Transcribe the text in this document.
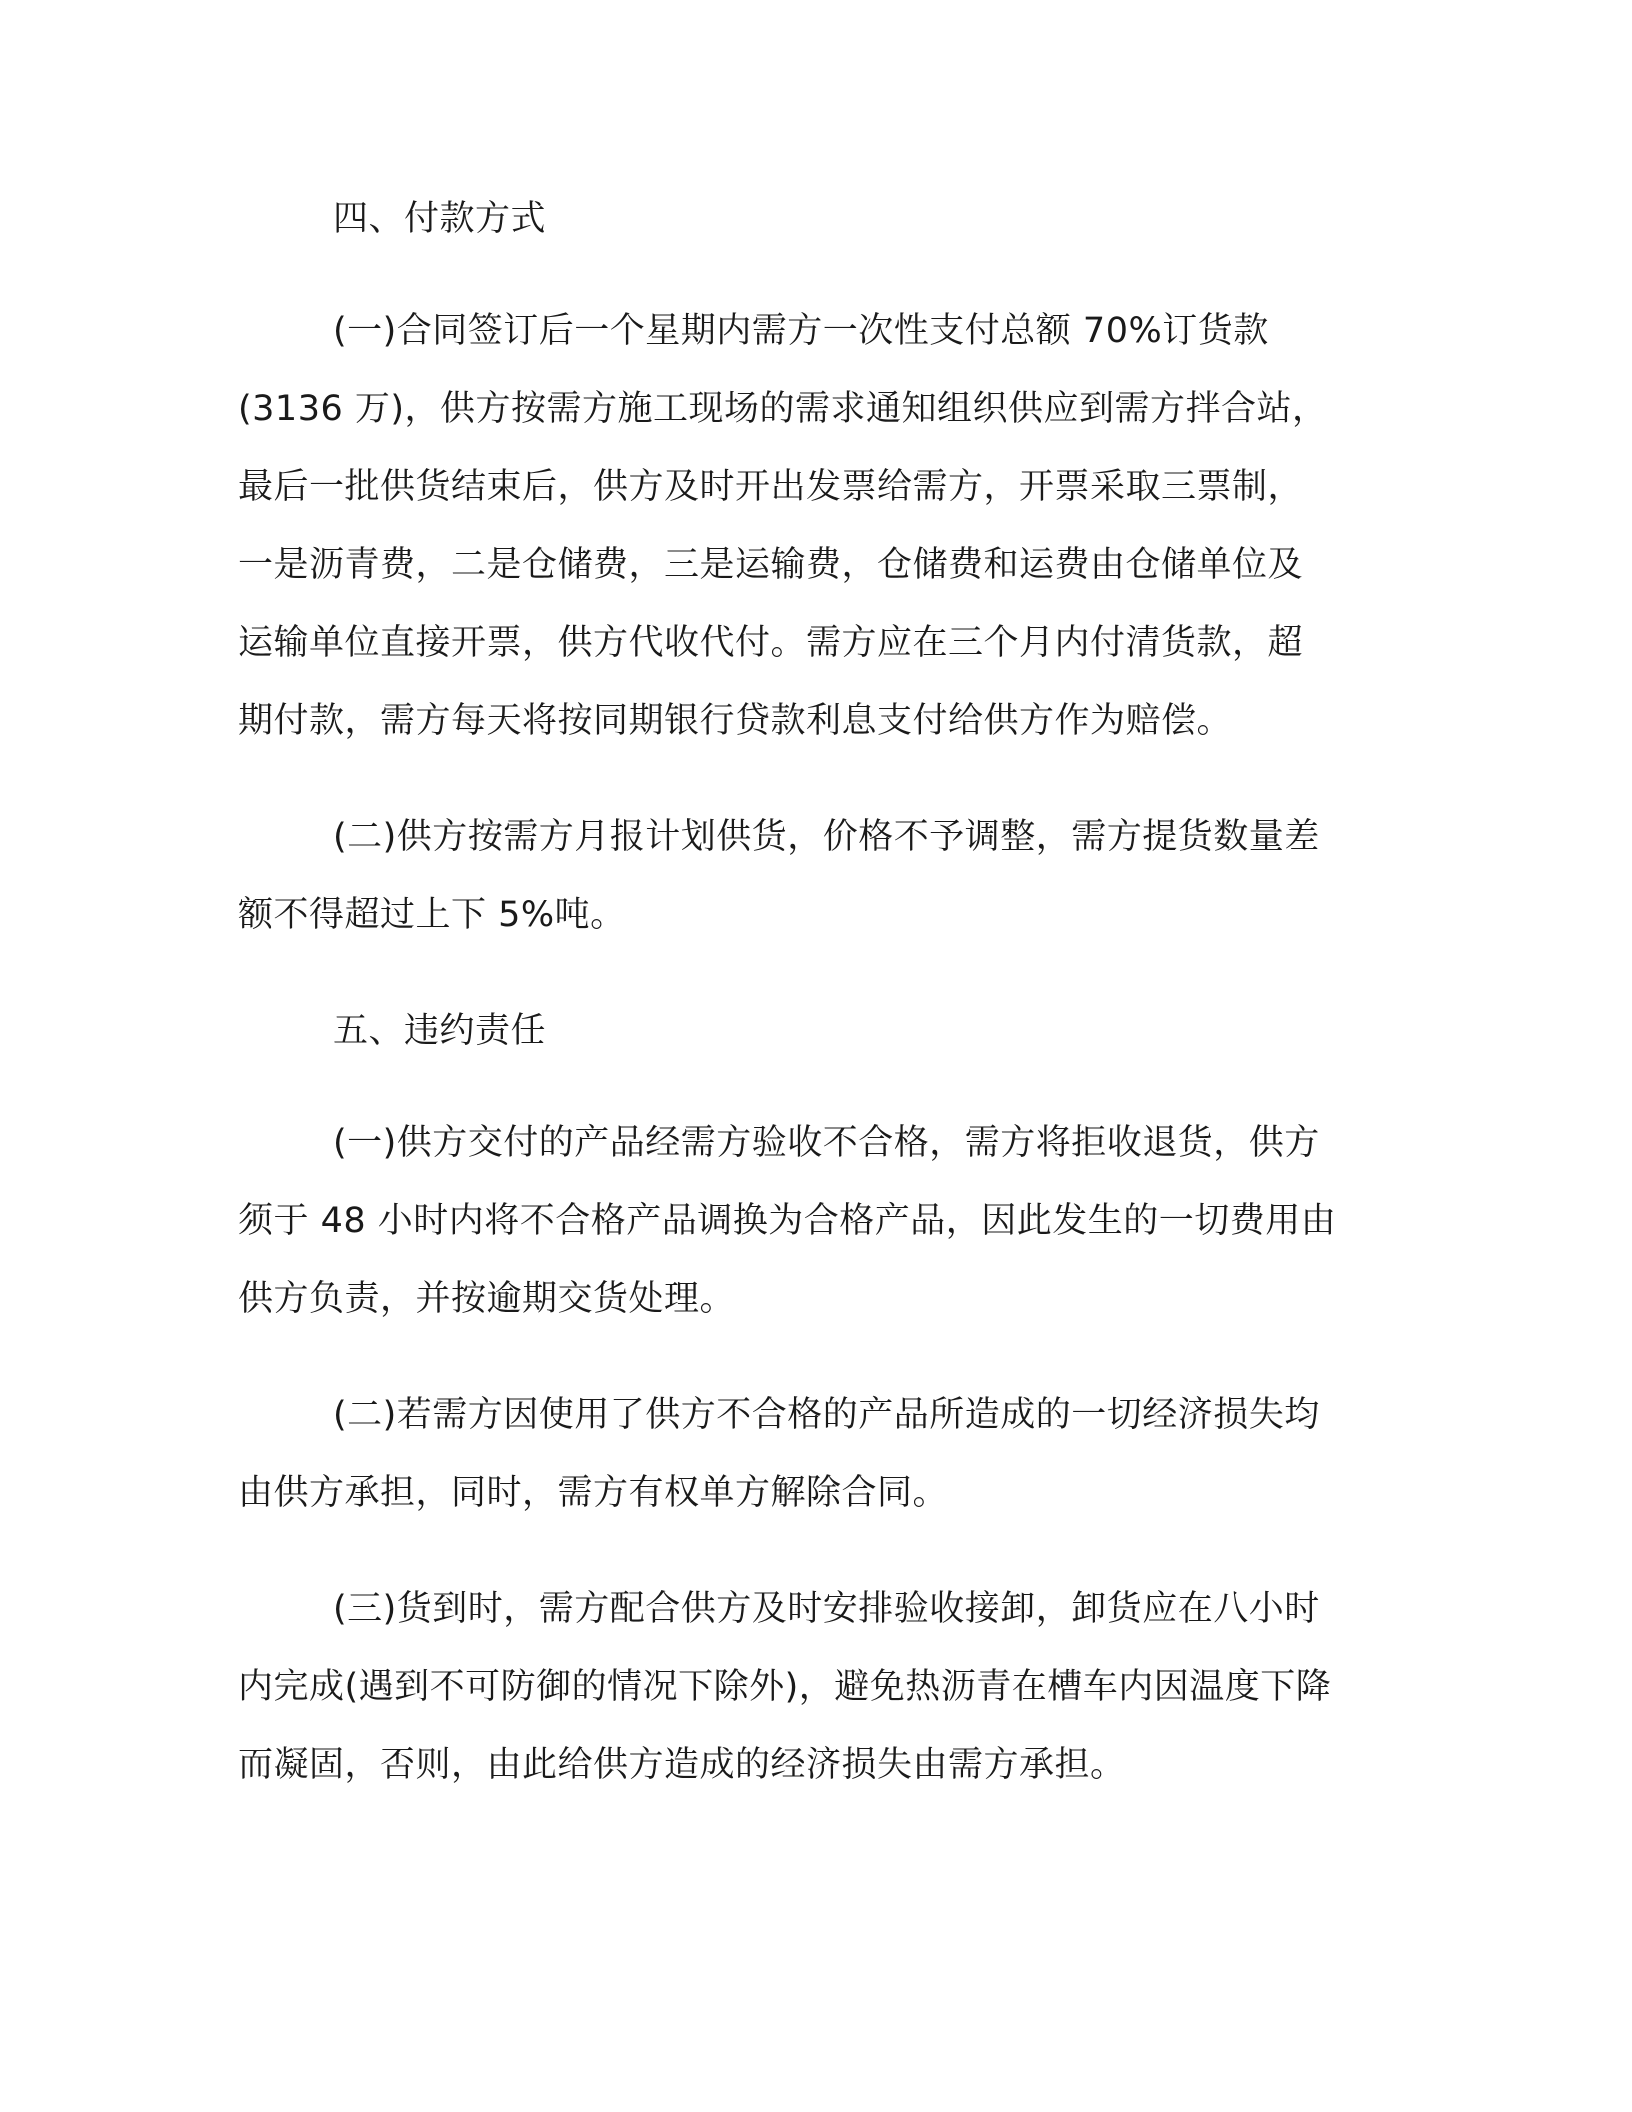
四、付款方式

(一)合同签订后一个星期内需方一次性支付总额 70%订货款
(3136 万)，供方按需方施工现场的需求通知组织供应到需方拌合站，
最后一批供货结束后，供方及时开出发票给需方，开票采取三票制，
一是沥青费，二是仓储费，三是运输费，仓储费和运费由仓储单位及
运输单位直接开票，供方代收代付。需方应在三个月内付清货款，超
期付款，需方每天将按同期银行贷款利息支付给供方作为赔偿。

(二)供方按需方月报计划供货，价格不予调整，需方提货数量差
额不得超过上下 5%吨。

五、违约责任

(一)供方交付的产品经需方验收不合格，需方将拒收退货，供方
须于 48 小时内将不合格产品调换为合格产品，因此发生的一切费用由
供方负责，并按逾期交货处理。

(二)若需方因使用了供方不合格的产品所造成的一切经济损失均
由供方承担，同时，需方有权单方解除合同。

(三)货到时，需方配合供方及时安排验收接卸，卸货应在八小时
内完成(遇到不可防御的情况下除外)，避免热沥青在槽车内因温度下降
而凝固，否则，由此给供方造成的经济损失由需方承担。
